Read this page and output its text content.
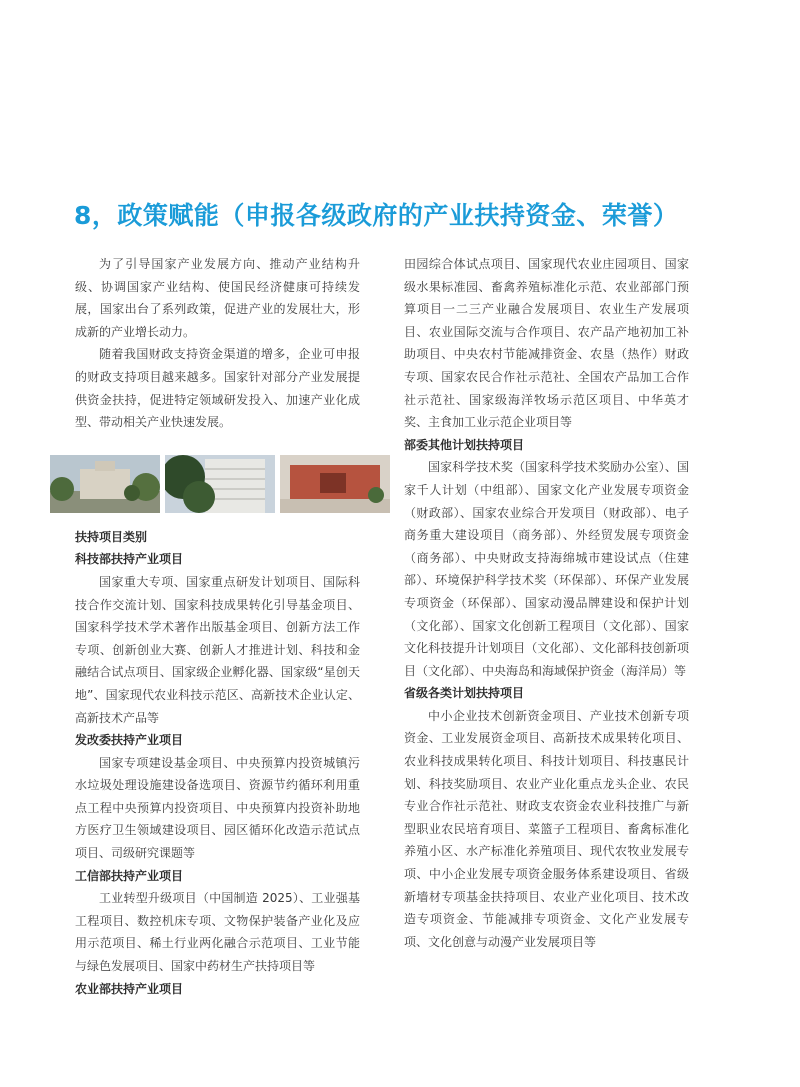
8，政策赋能（申报各级政府的产业扶持资金、荣誉）

为了引导国家产业发展方向、推动产业结构升级、协调国家产业结构、使国民经济健康可持续发展，国家出台了系列政策，促进产业的发展壮大，形成新的产业增长动力。

随着我国财政支持资金渠道的增多，企业可申报的财政支持项目越来越多。国家针对部分产业发展提供资金扶持，促进特定领域研发投入、加速产业化成型、带动相关产业快速发展。

扶持项目类别
科技部扶持产业项目

国家重大专项、国家重点研发计划项目、国际科技合作交流计划、国家科技成果转化引导基金项目、国家科学技术学术著作出版基金项目、创新方法工作专项、创新创业大赛、创新人才推进计划、科技和金融结合试点项目、国家级企业孵化器、国家级“星创天地”、国家现代农业科技示范区、高新技术企业认定、高新技术产品等

发改委扶持产业项目

国家专项建设基金项目、中央预算内投资城镇污水垃圾处理设施建设备选项目、资源节约循环利用重点工程中央预算内投资项目、中央预算内投资补助地方医疗卫生领域建设项目、园区循环化改造示范试点项目、司级研究课题等

工信部扶持产业项目

工业转型升级项目（中国制造 2025）、工业强基工程项目、数控机床专项、文物保护装备产业化及应用示范项目、稀土行业两化融合示范项目、工业节能与绿色发展项目、国家中药材生产扶持项目等

农业部扶持产业项目

田园综合体试点项目、国家现代农业庄园项目、国家级水果标准园、畜禽养殖标准化示范、农业部部门预算项目一二三产业融合发展项目、农业生产发展项目、农业国际交流与合作项目、农产品产地初加工补助项目、中央农村节能减排资金、农垦（热作）财政专项、国家农民合作社示范社、全国农产品加工合作社示范社、国家级海洋牧场示范区项目、中华英才奖、主食加工业示范企业项目等

部委其他计划扶持项目

国家科学技术奖（国家科学技术奖励办公室）、国家千人计划（中组部）、国家文化产业发展专项资金（财政部）、国家农业综合开发项目（财政部）、电子商务重大建设项目（商务部）、外经贸发展专项资金（商务部）、中央财政支持海绵城市建设试点（住建部）、环境保护科学技术奖（环保部）、环保产业发展专项资金（环保部）、国家动漫品牌建设和保护计划（文化部）、国家文化创新工程项目（文化部）、国家文化科技提升计划项目（文化部）、文化部科技创新项目（文化部）、中央海岛和海域保护资金（海洋局）等

省级各类计划扶持项目

中小企业技术创新资金项目、产业技术创新专项资金、工业发展资金项目、高新技术成果转化项目、农业科技成果转化项目、科技计划项目、科技惠民计划、科技奖励项目、农业产业化重点龙头企业、农民专业合作社示范社、财政支农资金农业科技推广与新型职业农民培育项目、菜篮子工程项目、畜禽标准化养殖小区、水产标准化养殖项目、现代农牧业发展专项、中小企业发展专项资金服务体系建设项目、省级新墙材专项基金扶持项目、农业产业化项目、技术改造专项资金、节能减排专项资金、文化产业发展专项、文化创意与动漫产业发展项目等
